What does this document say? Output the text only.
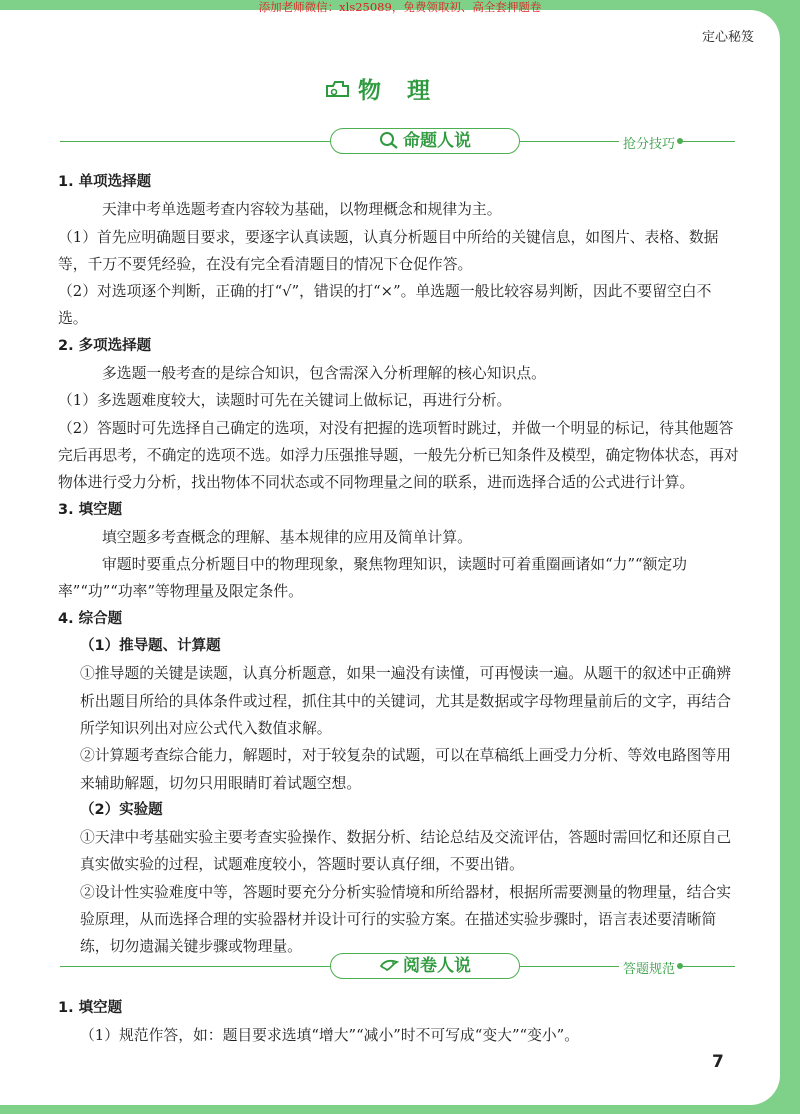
添加老师微信：xls25089，免费领取初、高全套押题卷
定心秘笈
物理
命题人说	抢分技巧

1. 单项选择题

天津中考单选题考查内容较为基础，以物理概念和规律为主。

（1）首先应明确题目要求，要逐字认真读题，认真分析题目中所给的关键信息，如图片、表格、数据等，千万不要凭经验，在没有完全看清题目的情况下仓促作答。

（2）对选项逐个判断，正确的打“√”，错误的打“×”。单选题一般比较容易判断，因此不要留空白不选。

2. 多项选择题

多选题一般考查的是综合知识，包含需深入分析理解的核心知识点。

（1）多选题难度较大，读题时可先在关键词上做标记，再进行分析。

（2）答题时可先选择自己确定的选项，对没有把握的选项暂时跳过，并做一个明显的标记，待其他题答完后再思考，不确定的选项不选。如浮力压强推导题，一般先分析已知条件及模型，确定物体状态，再对物体进行受力分析，找出物体不同状态或不同物理量之间的联系，进而选择合适的公式进行计算。

3. 填空题

填空题多考查概念的理解、基本规律的应用及简单计算。

审题时要重点分析题目中的物理现象，聚焦物理知识，读题时可着重圈画诸如“力”“额定功率”“功”“功率”等物理量及限定条件。

4. 综合题

（1）推导题、计算题

①推导题的关键是读题，认真分析题意，如果一遍没有读懂，可再慢读一遍。从题干的叙述中正确辨析出题目所给的具体条件或过程，抓住其中的关键词，尤其是数据或字母物理量前后的文字，再结合所学知识列出对应公式代入数值求解。

②计算题考查综合能力，解题时，对于较复杂的试题，可以在草稿纸上画受力分析、等效电路图等用来辅助解题，切勿只用眼睛盯着试题空想。

（2）实验题

①天津中考基础实验主要考查实验操作、数据分析、结论总结及交流评估，答题时需回忆和还原自己真实做实验的过程，试题难度较小，答题时要认真仔细，不要出错。

②设计性实验难度中等，答题时要充分分析实验情境和所给器材，根据所需要测量的物理量，结合实验原理，从而选择合理的实验器材并设计可行的实验方案。在描述实验步骤时，语言表述要清晰简练，切勿遗漏关键步骤或物理量。

阅卷人说	答题规范

1. 填空题

（1）规范作答，如：题目要求选填“增大”“减小”时不可写成“变大”“变小”。

7
